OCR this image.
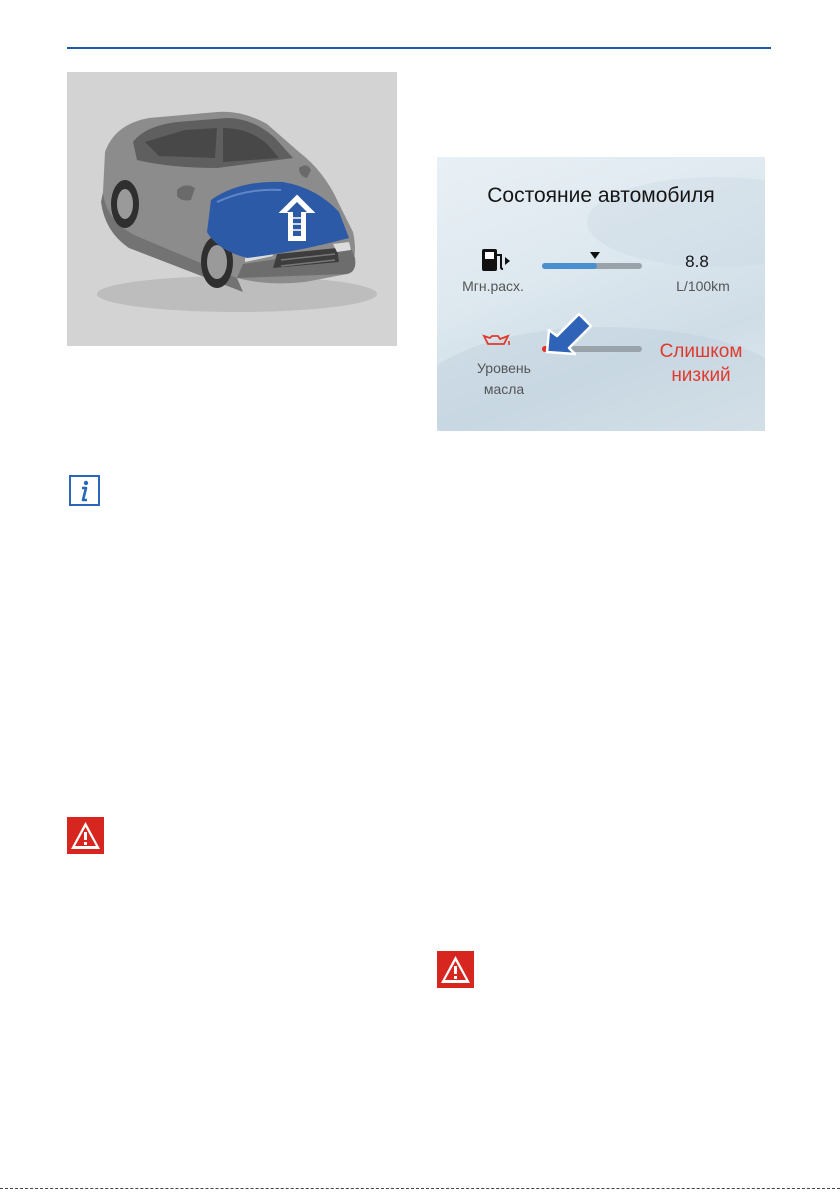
Состояние автомобиля
8.8
Мгн.расх.	L/100km
Уровень
масла
Слишком
низкий
